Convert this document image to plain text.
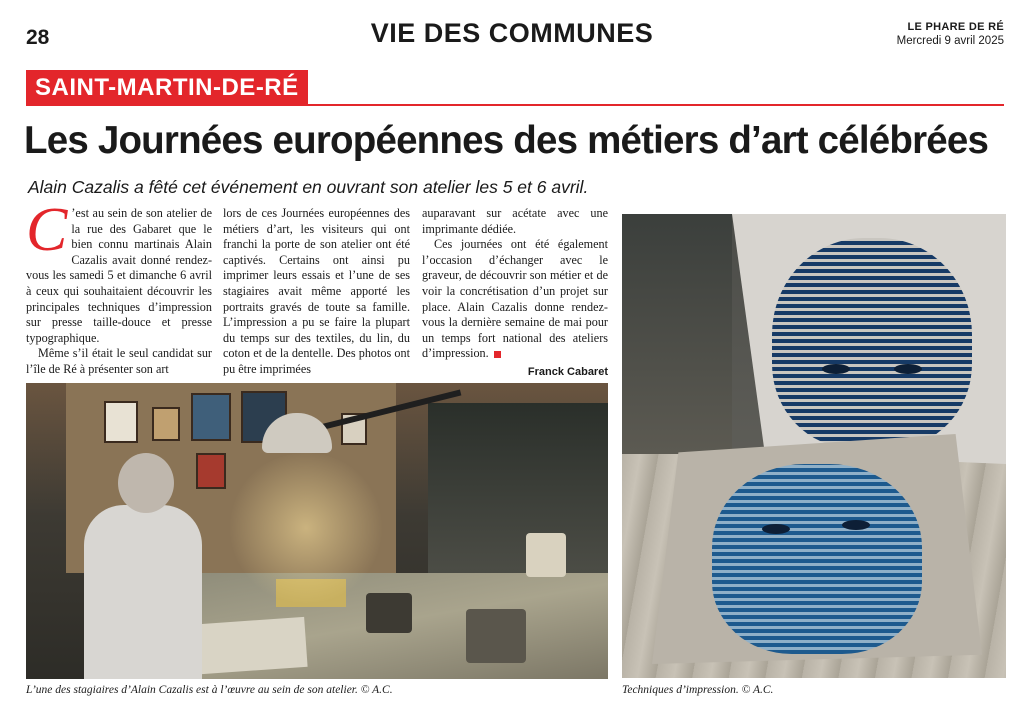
28	VIE DES COMMUNES	LE PHARE DE RÉ
Mercredi 9 avril 2025
SAINT-MARTIN-DE-RÉ
Les Journées européennes des métiers d’art célébrées
Alain Cazalis a fêté cet événement en ouvrant son atelier les 5 et 6 avril.

C ’est au sein de son atelier de la rue des Gabaret que le bien connu martinais Alain Cazalis avait donné rendez-vous les samedi 5 et dimanche 6 avril à ceux qui souhaitaient découvrir les principales techniques d’impression sur presse taille-douce et presse typographique.

Même s’il était le seul candidat sur l’île de Ré à présenter son art

lors de ces Journées européennes des métiers d’art, les visiteurs qui ont franchi la porte de son atelier ont été captivés. Certains ont ainsi pu imprimer leurs essais et l’une de ses stagiaires avait même apporté les portraits gravés de toute sa famille. L’impression a pu se faire la plupart du temps sur des textiles, du lin, du coton et de la dentelle. Des photos ont pu être imprimées

auparavant sur acétate avec une imprimante dédiée.

Ces journées ont été également l’occasion d’échanger avec le graveur, de découvrir son métier et de voir la concrétisation d’un projet sur place. Alain Cazalis donne rendez-vous la dernière semaine de mai pour un temps fort national des ateliers d’impression.

Franck Cabaret
L’une des stagiaires d’Alain Cazalis est à l’œuvre au sein de son atelier. © A.C.	Techniques d’impression. © A.C.
